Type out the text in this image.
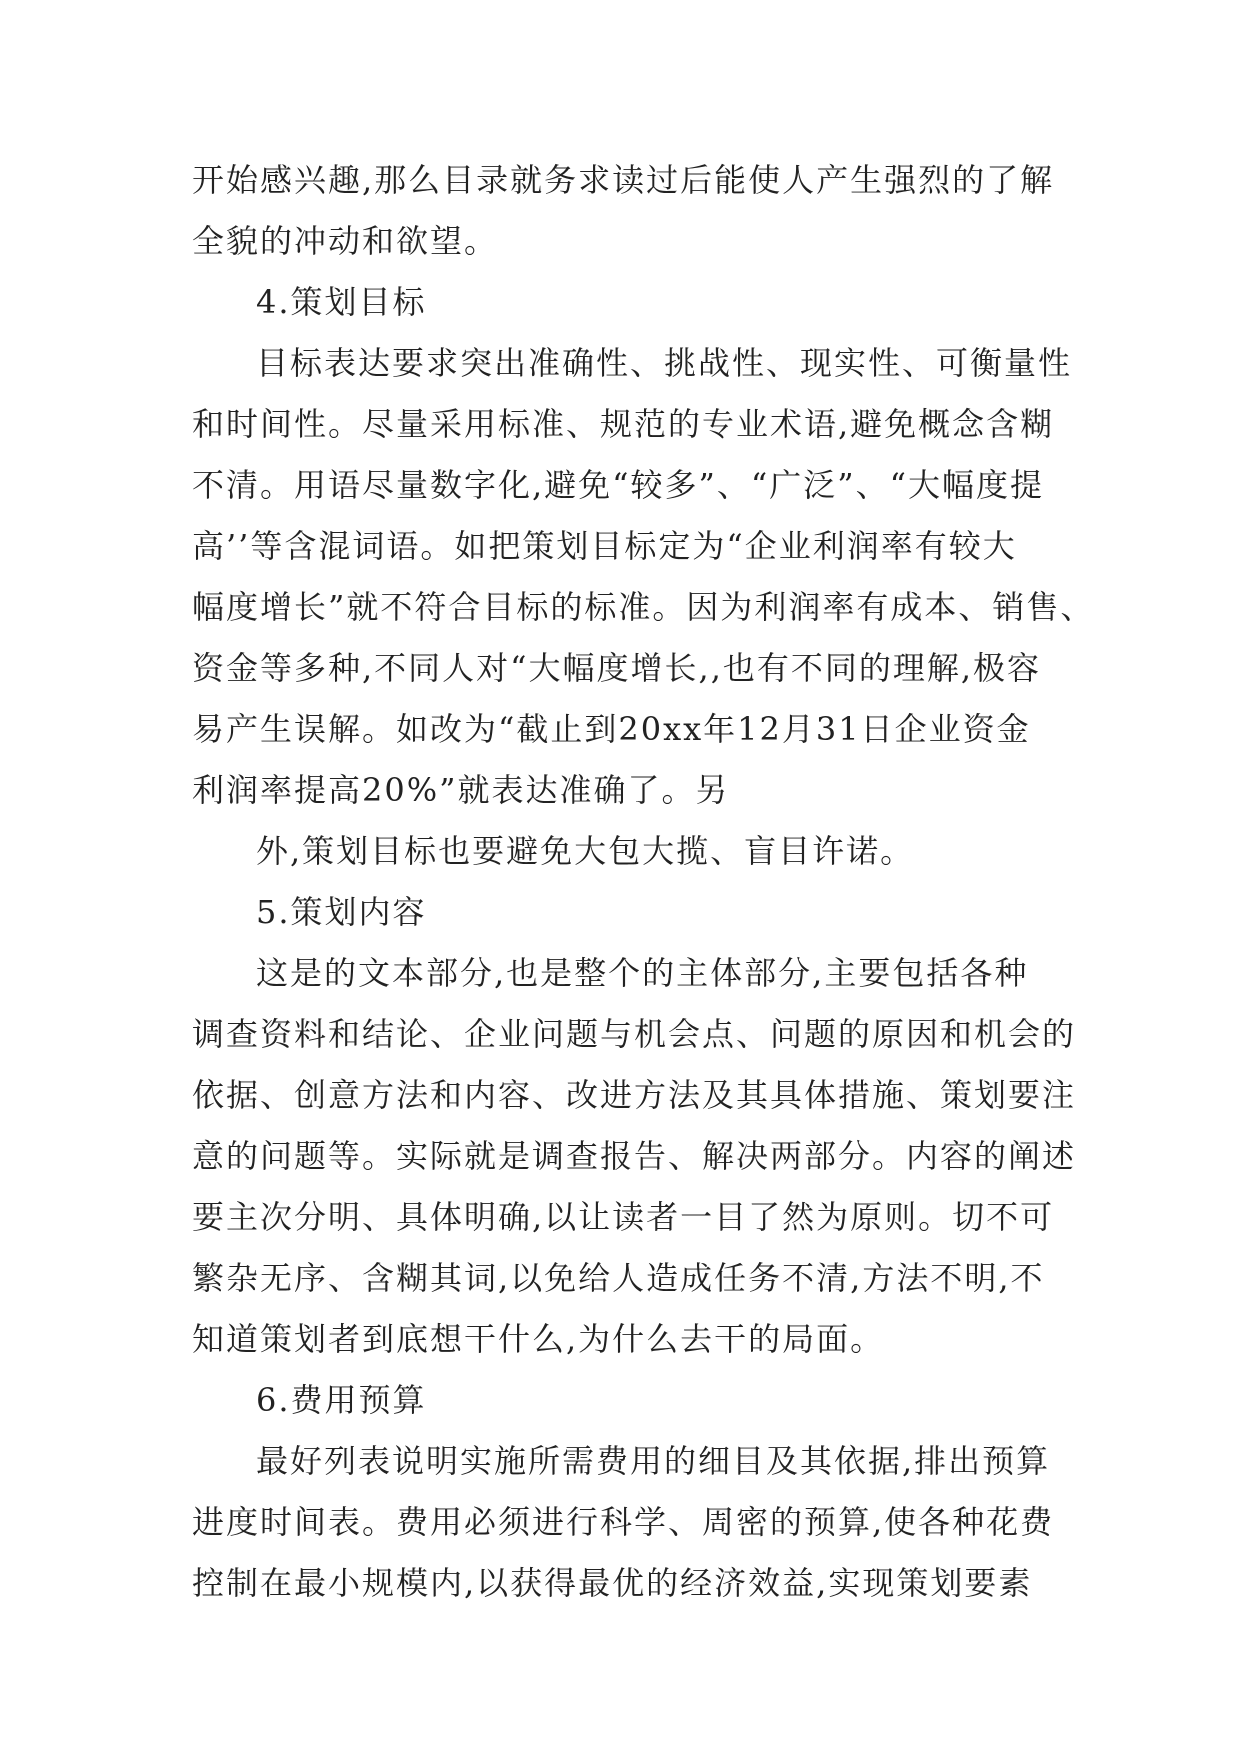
开始感兴趣,那么目录就务求读过后能使人产生强烈的了解
全貌的冲动和欲望。
4.策划目标
目标表达要求突出准确性、挑战性、现实性、可衡量性
和时间性。尽量采用标准、规范的专业术语,避免概念含糊
不清。用语尽量数字化,避免“较多”、“广泛”、“大幅度提
高’’等含混词语。如把策划目标定为“企业利润率有较大
幅度增长”就不符合目标的标准。因为利润率有成本、销售、
资金等多种,不同人对“大幅度增长,,也有不同的理解,极容
易产生误解。如改为“截止到20xx年12月31日企业资金
利润率提高20%”就表达准确了。另
外,策划目标也要避免大包大揽、盲目许诺。
5.策划内容
这是的文本部分,也是整个的主体部分,主要包括各种
调查资料和结论、企业问题与机会点、问题的原因和机会的
依据、创意方法和内容、改进方法及其具体措施、策划要注
意的问题等。实际就是调查报告、解决两部分。内容的阐述
要主次分明、具体明确,以让读者一目了然为原则。切不可
繁杂无序、含糊其词,以免给人造成任务不清,方法不明,不
知道策划者到底想干什么,为什么去干的局面。
6.费用预算
最好列表说明实施所需费用的细目及其依据,排出预算
进度时间表。费用必须进行科学、周密的预算,使各种花费
控制在最小规模内,以获得最优的经济效益,实现策划要素
